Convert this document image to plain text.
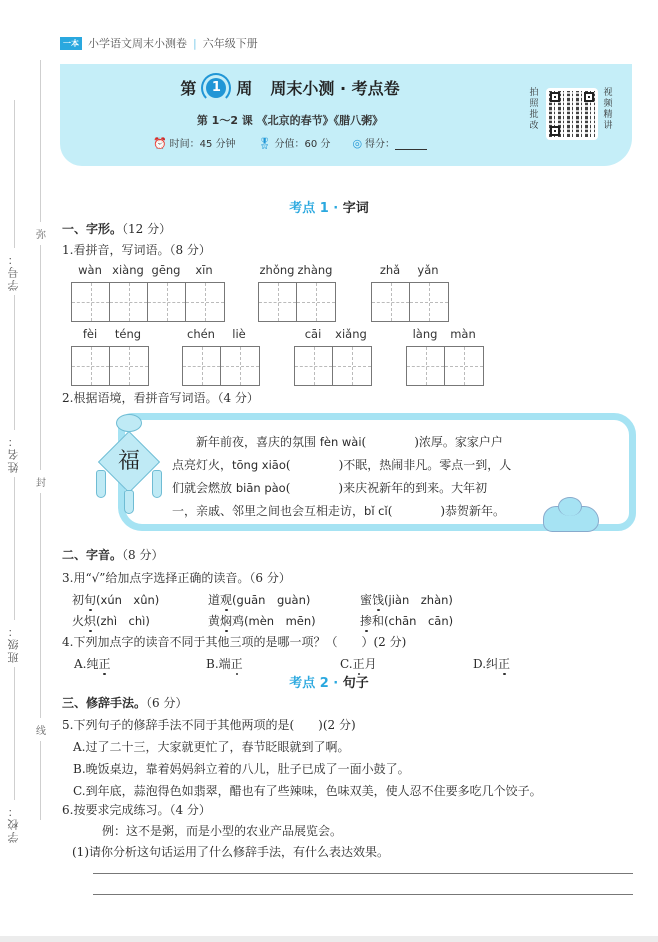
一本 小学语文周末小测卷 | 六年级下册
第	1 周 周末小测 · 考点卷
第 1～2 课 《北京的春节》《腊八粥》
⏰ 时间：45 分钟 🎖 分值：60 分 ◎ 得分：
拍照批改
视频精讲
学号：
姓名：
班级：
学校：
弥
封
线
考点 1 · 字词
一、字形。（12 分）
1.看拼音，写词语。（8 分）
wàn xiàng gēng	xīn	zhǒng zhàng	zhǎ	yǎn
fèi	téng	chén	liè	cāi	xiǎng	làng	màn
2.根据语境，看拼音写词语。（4 分）
福
新年前夜，喜庆的氛围 fèn wài(　　　　)浓厚。家家户户
点亮灯火，tōng xiāo(　　　　)不眠，热闹非凡。零点一到，人
们就会燃放 biān pào(　　　　)来庆祝新年的到来。大年初
一，亲戚、邻里之间也会互相走访，bǐ cǐ(　　　　)恭贺新年。
二、字音。（8 分）
3.用“√”给加点字选择正确的读音。（6 分）
初旬(xún　xûn)	道观(guān　guàn)	蜜饯(jiàn　zhàn)
火炽(zhì　chì)	黄焖鸡(mèn　mēn)	掺和(chān　cān)
4.下列加点字的读音不同于其他三项的是哪一项？（　　）(2 分)
A.纯正	B.端正	C.正月	D.纠正
考点 2 · 句子
三、修辞手法。（6 分）
5.下列句子的修辞手法不同于其他两项的是(　　)(2 分)
A.过了二十三，大家就更忙了，春节眨眼就到了啊。
B.晚饭桌边，靠着妈妈斜立着的八儿，肚子已成了一面小鼓了。
C.到年底，蒜泡得色如翡翠，醋也有了些辣味，色味双美，使人忍不住要多吃几个饺子。
6.按要求完成练习。（4 分）
例：这不是粥，而是小型的农业产品展览会。
(1)请你分析这句话运用了什么修辞手法，有什么表达效果。
